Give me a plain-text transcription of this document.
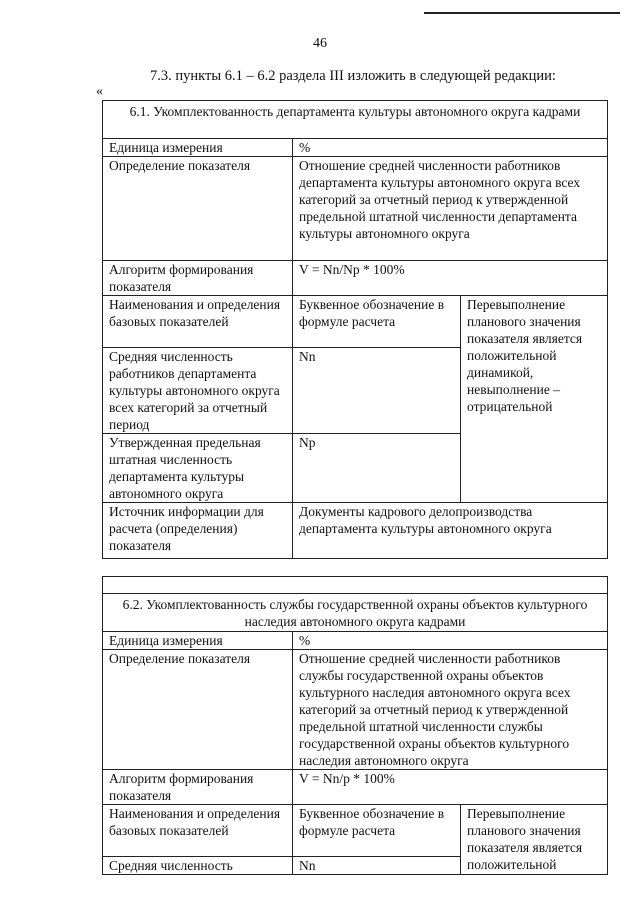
46
7.3. пункты 6.1 – 6.2 раздела III изложить в следующей редакции:
«
6.1. Укомплектованность департамента культуры автономного округа кадрами		
Единица измерения	%	
Определение показателя	Отношение средней численности работников департамента культуры автономного округа всех категорий за отчетный период к утвержденной предельной штатной численности департамента культуры автономного округа	
Алгоритм формирования показателя	V = Nn/Np * 100%	
Наименования и определения базовых показателей	Буквенное обозначение в формуле расчета	Перевыполнение планового значения показателя является положительной динамикой, невыполнение – отрицательной
Средняя численность работников департамента культуры автономного округа всех категорий за отчетный период	Nn	
Утвержденная предельная штатная численность департамента культуры автономного округа	Np	
Источник информации для расчета (определения) показателя	Документы кадрового делопроизводства департамента культуры автономного округа	

6.2. Укомплектованность службы государственной охраны объектов культурного наследия автономного округа кадрами		
Единица измерения	%	
Определение показателя	Отношение средней численности работников службы государственной охраны объектов культурного наследия автономного округа всех категорий за отчетный период к утвержденной предельной штатной численности службы государственной охраны объектов культурного наследия автономного округа	
Алгоритм формирования показателя	V = Nn/p * 100%	
Наименования и определения базовых показателей	Буквенное обозначение в формуле расчета	Перевыполнение планового значения показателя является положительной
Средняя численность	Nn	
